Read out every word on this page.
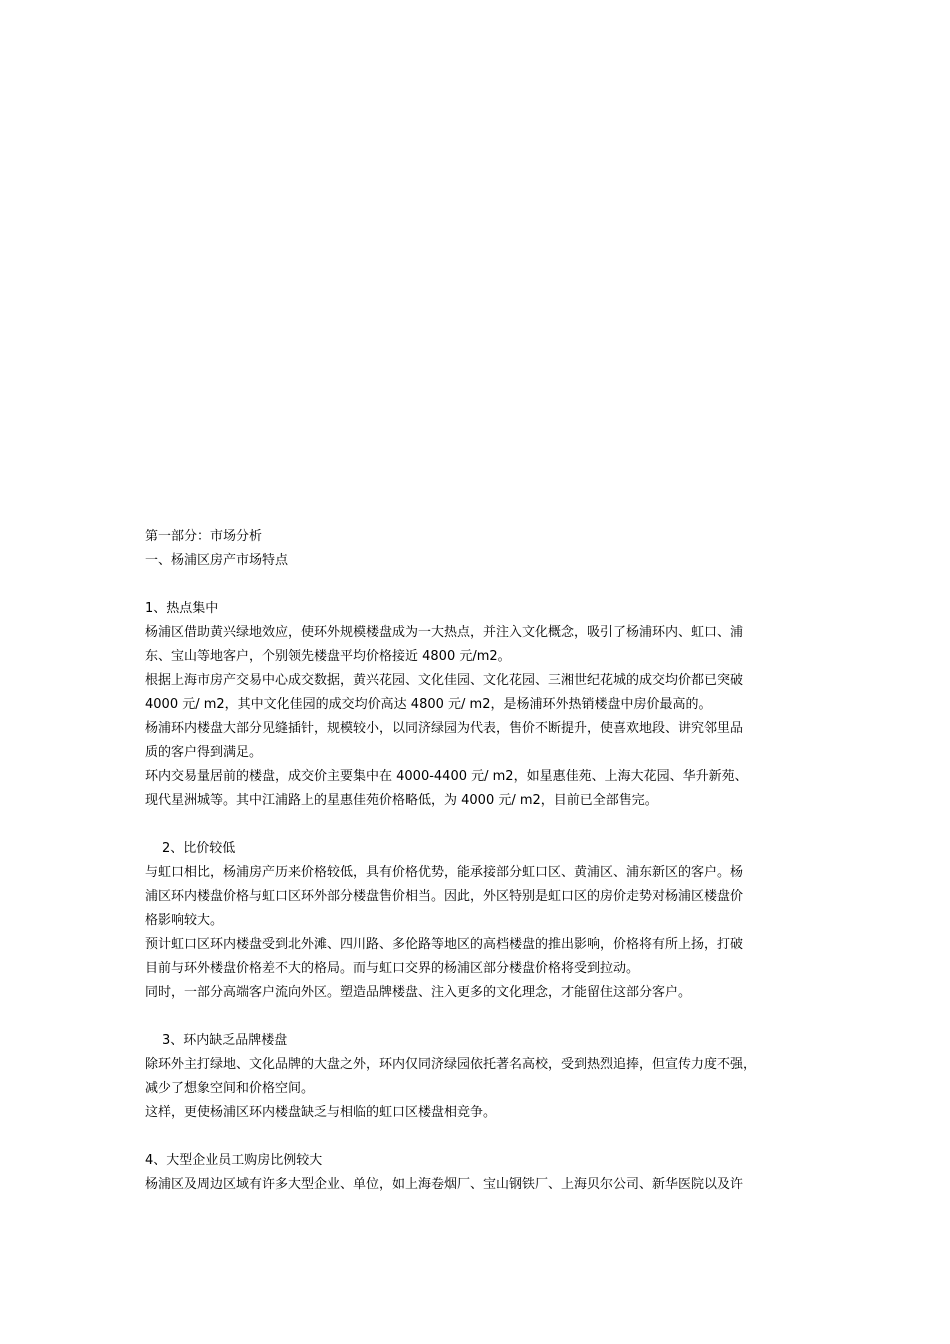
第一部分：市场分析

一、杨浦区房产市场特点

1、热点集中

杨浦区借助黄兴绿地效应，使环外规模楼盘成为一大热点，并注入文化概念，吸引了杨浦环内、虹口、浦

东、宝山等地客户，个别领先楼盘平均价格接近 4800 元/m2。

根据上海市房产交易中心成交数据，黄兴花园、文化佳园、文化花园、三湘世纪花城的成交均价都已突破

4000 元/ m2，其中文化佳园的成交均价高达 4800 元/ m2，是杨浦环外热销楼盘中房价最高的。

杨浦环内楼盘大部分见缝插针，规模较小，以同济绿园为代表，售价不断提升，使喜欢地段、讲究邻里品

质的客户得到满足。

环内交易量居前的楼盘，成交价主要集中在 4000-4400 元/ m2，如星惠佳苑、上海大花园、华升新苑、

现代星洲城等。其中江浦路上的星惠佳苑价格略低，为 4000 元/ m2，目前已全部售完。

2、比价较低

与虹口相比，杨浦房产历来价格较低，具有价格优势，能承接部分虹口区、黄浦区、浦东新区的客户。杨

浦区环内楼盘价格与虹口区环外部分楼盘售价相当。因此，外区特别是虹口区的房价走势对杨浦区楼盘价

格影响较大。

预计虹口区环内楼盘受到北外滩、四川路、多伦路等地区的高档楼盘的推出影响，价格将有所上扬，打破

目前与环外楼盘价格差不大的格局。而与虹口交界的杨浦区部分楼盘价格将受到拉动。

同时，一部分高端客户流向外区。塑造品牌楼盘、注入更多的文化理念，才能留住这部分客户。

3、环内缺乏品牌楼盘

除环外主打绿地、文化品牌的大盘之外，环内仅同济绿园依托著名高校，受到热烈追捧，但宣传力度不强，

减少了想象空间和价格空间。

这样，更使杨浦区环内楼盘缺乏与相临的虹口区楼盘相竞争。

4、大型企业员工购房比例较大

杨浦区及周边区域有许多大型企业、单位，如上海卷烟厂、宝山钢铁厂、上海贝尔公司、新华医院以及许
